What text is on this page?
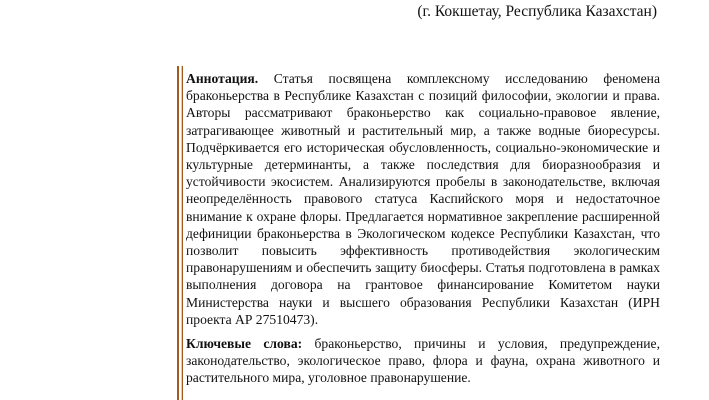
(г. Кокшетау, Республика Казахстан)

Аннотация. Статья посвящена комплексному исследованию феномена браконьерства в Республике Казахстан с позиций философии, экологии и права. Авторы рассматривают браконьерство как социально-правовое явление, затрагивающее животный и растительный мир, а также водные биоресурсы. Подчёркивается его историческая обусловленность, социально-экономические и культурные детерминанты, а также последствия для биоразнообразия и устойчивости экосистем. Анализируются пробелы в законодательстве, включая неопределённость правового статуса Каспийского моря и недостаточное внимание к охране флоры. Предлагается нормативное закрепление расширенной дефиниции браконьерства в Экологическом кодексе Республики Казахстан, что позволит повысить эффективность противодействия экологическим правонарушениям и обеспечить защиту биосферы. Статья подготовлена в рамках выполнения договора на грантовое финансирование Комитетом науки Министерства науки и высшего образования Республики Казахстан (ИРН проекта АР 27510473).

Ключевые слова: браконьерство, причины и условия, предупреждение, законодательство, экологическое право, флора и фауна, охрана животного и растительного мира, уголовное правонарушение.
